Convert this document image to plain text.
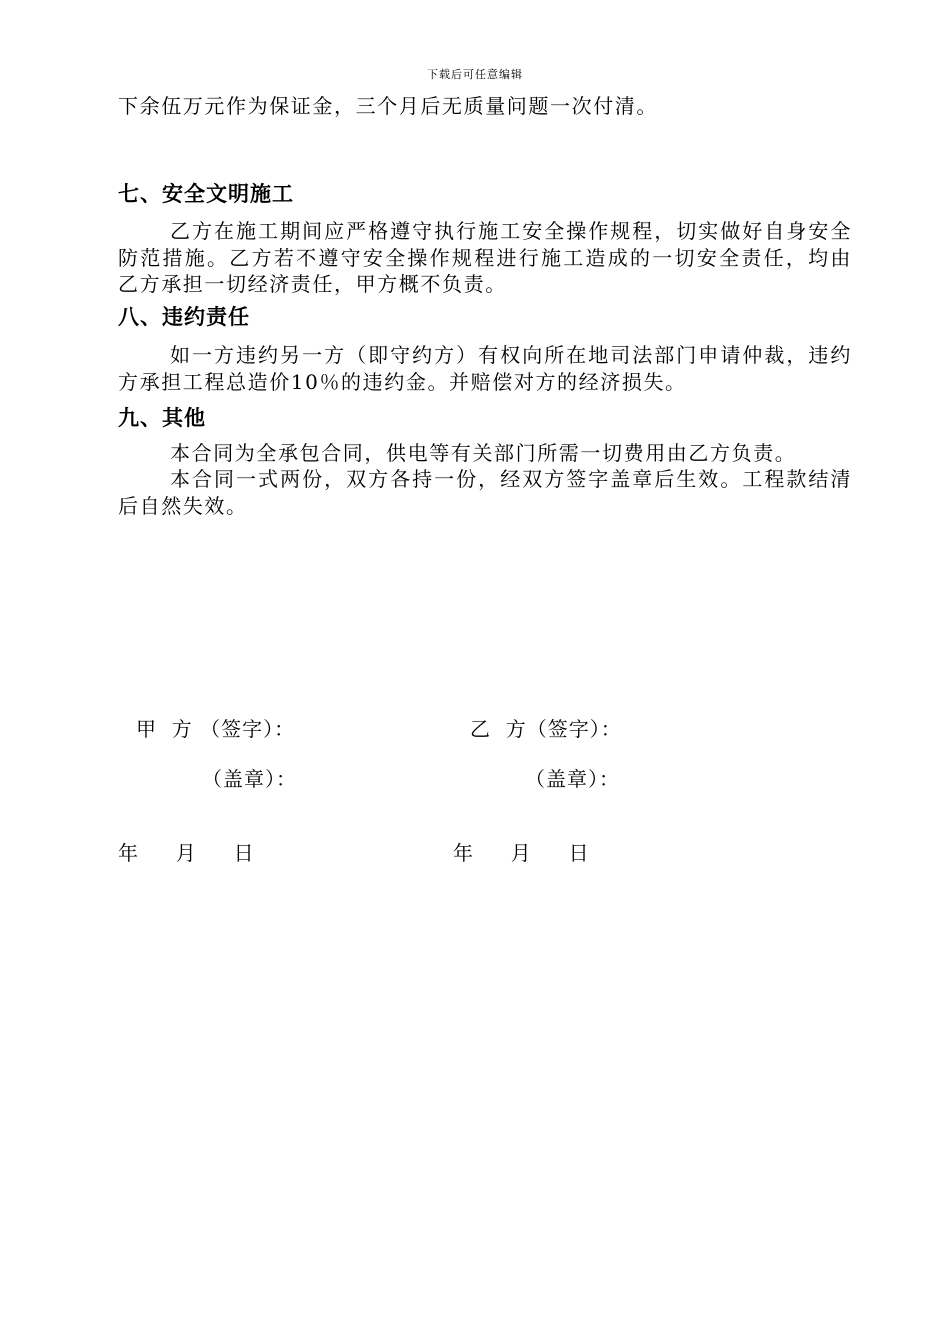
下载后可任意编辑
下余伍万元作为保证金，三个月后无质量问题一次付清。
七、安全文明施工
乙方在施工期间应严格遵守执行施工安全操作规程，切实做好自身安全防范措施。乙方若不遵守安全操作规程进行施工造成的一切安全责任，均由乙方承担一切经济责任，甲方概不负责。
八、违约责任
如一方违约另一方（即守约方）有权向所在地司法部门申请仲裁，违约方承担工程总造价10％的违约金。并赔偿对方的经济损失。
九、其他
本合同为全承包合同，供电等有关部门所需一切费用由乙方负责。
本合同一式两份，双方各持一份，经双方签字盖章后生效。工程款结清后自然失效。
甲  方 （签字）：	乙  方（签字）：
（盖章）：	（盖章）：
年     月     日	年     月     日
